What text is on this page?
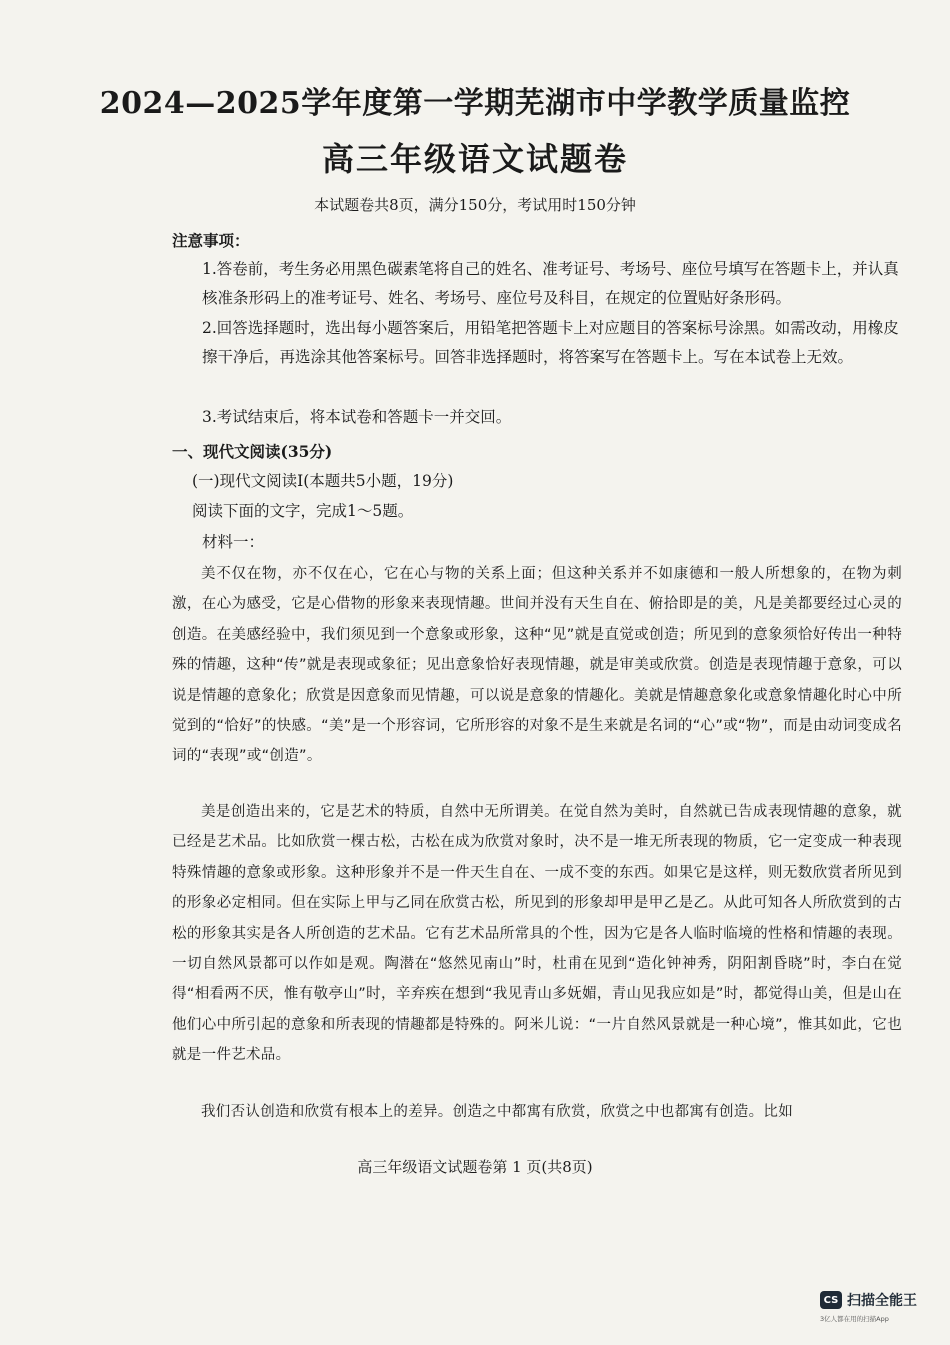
2024—2025学年度第一学期芜湖市中学教学质量监控
高三年级语文试题卷
本试题卷共8页，满分150分，考试用时150分钟
注意事项：
1.答卷前，考生务必用黑色碳素笔将自己的姓名、准考证号、考场号、座位号填写在答题卡上，并认真核准条形码上的准考证号、姓名、考场号、座位号及科目，在规定的位置贴好条形码。
2.回答选择题时，选出每小题答案后，用铅笔把答题卡上对应题目的答案标号涂黑。如需改动，用橡皮擦干净后，再选涂其他答案标号。回答非选择题时，将答案写在答题卡上。写在本试卷上无效。
3.考试结束后，将本试卷和答题卡一并交回。
一、现代文阅读(35分)
(一)现代文阅读Ⅰ(本题共5小题，19分)
阅读下面的文字，完成1～5题。
材料一：
美不仅在物，亦不仅在心，它在心与物的关系上面；但这种关系并不如康德和一般人所想象的，在物为刺激，在心为感受，它是心借物的形象来表现情趣。世间并没有天生自在、俯拾即是的美，凡是美都要经过心灵的创造。在美感经验中，我们须见到一个意象或形象，这种“见”就是直觉或创造；所见到的意象须恰好传出一种特殊的情趣，这种“传”就是表现或象征；见出意象恰好表现情趣，就是审美或欣赏。创造是表现情趣于意象，可以说是情趣的意象化；欣赏是因意象而见情趣，可以说是意象的情趣化。美就是情趣意象化或意象情趣化时心中所觉到的“恰好”的快感。“美”是一个形容词，它所形容的对象不是生来就是名词的“心”或“物”，而是由动词变成名词的“表现”或“创造”。
美是创造出来的，它是艺术的特质，自然中无所谓美。在觉自然为美时，自然就已告成表现情趣的意象，就已经是艺术品。比如欣赏一棵古松，古松在成为欣赏对象时，决不是一堆无所表现的物质，它一定变成一种表现特殊情趣的意象或形象。这种形象并不是一件天生自在、一成不变的东西。如果它是这样，则无数欣赏者所见到的形象必定相同。但在实际上甲与乙同在欣赏古松，所见到的形象却甲是甲乙是乙。从此可知各人所欣赏到的古松的形象其实是各人所创造的艺术品。它有艺术品所常具的个性，因为它是各人临时临境的性格和情趣的表现。一切自然风景都可以作如是观。陶潜在“悠然见南山”时，杜甫在见到“造化钟神秀，阴阳割昏晓”时，李白在觉得“相看两不厌，惟有敬亭山”时，辛弃疾在想到“我见青山多妩媚，青山见我应如是”时，都觉得山美，但是山在他们心中所引起的意象和所表现的情趣都是特殊的。阿米儿说：“一片自然风景就是一种心境”，惟其如此，它也就是一件艺术品。
我们否认创造和欣赏有根本上的差异。创造之中都寓有欣赏，欣赏之中也都寓有创造。比如
高三年级语文试题卷第 1 页(共8页)
CS 扫描全能王
3亿人都在用的扫描App
